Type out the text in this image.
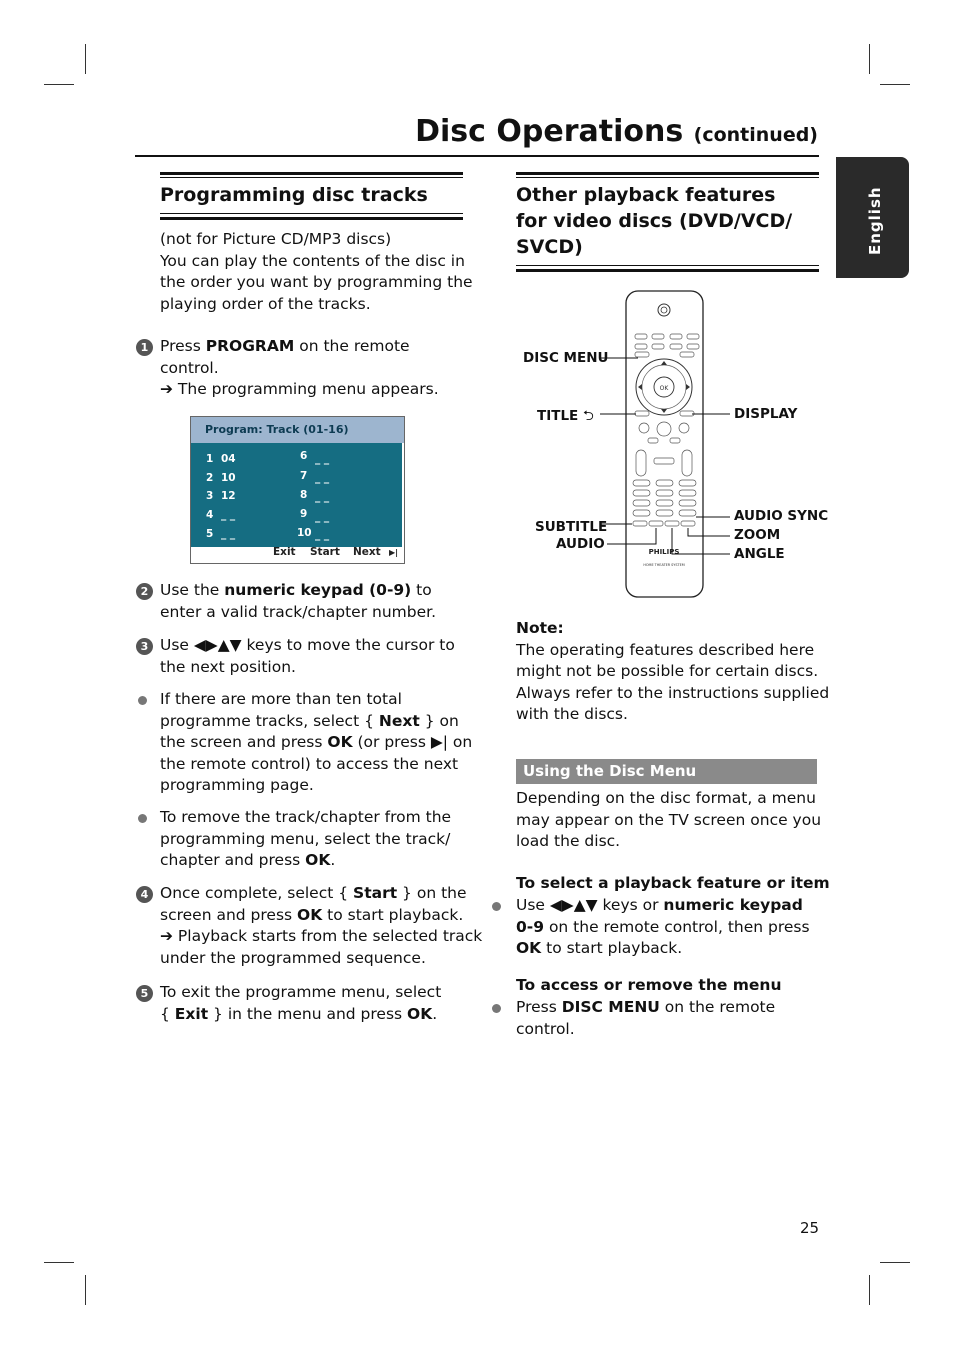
Disc Operations (continued)
English
Programming disc tracks
(not for Picture CD/MP3 discs)
You can play the contents of the disc in
the order you want by programming the
playing order of the tracks.
1 Press PROGRAM on the remote
control.
➔ The programming menu appears.
Program: Track (01-16)
1 04
2 10
3 12
4 _ _
5 _ _
6 _ _
7 _ _
8 _ _
9 _ _
10 _ _
Exit Start Next ▶|
2 Use the numeric keypad (0-9) to
enter a valid track/chapter number.
3 Use ◀▶▲▼ keys to move the cursor to
the next position.
If there are more than ten total
programme tracks, select { Next } on
the screen and press OK (or press ▶| on
the remote control) to access the next
programming page.
To remove the track/chapter from the
programming menu, select the track/
chapter and press OK.
4 Once complete, select { Start } on the
screen and press OK to start playback.
➔ Playback starts from the selected track
under the programmed sequence.
5 To exit the programme menu, select
{ Exit } in the menu and press OK.
Other playback features
for video discs (DVD/VCD/
SVCD)
OK
PHILIPS
HOME THEATER SYSTEM
DISC MENU
TITLE ⮌	DISPLAY
SUBTITLE
AUDIO
AUDIO SYNC
ZOOM
ANGLE
Note:
The operating features described here
might not be possible for certain discs.
Always refer to the instructions supplied
with the discs.
Using the Disc Menu
Depending on the disc format, a menu
may appear on the TV screen once you
load the disc.
To select a playback feature or item
Use ◀▶▲▼ keys or numeric keypad
0-9 on the remote control, then press
OK to start playback.
To access or remove the menu
Press DISC MENU on the remote
control.
25
